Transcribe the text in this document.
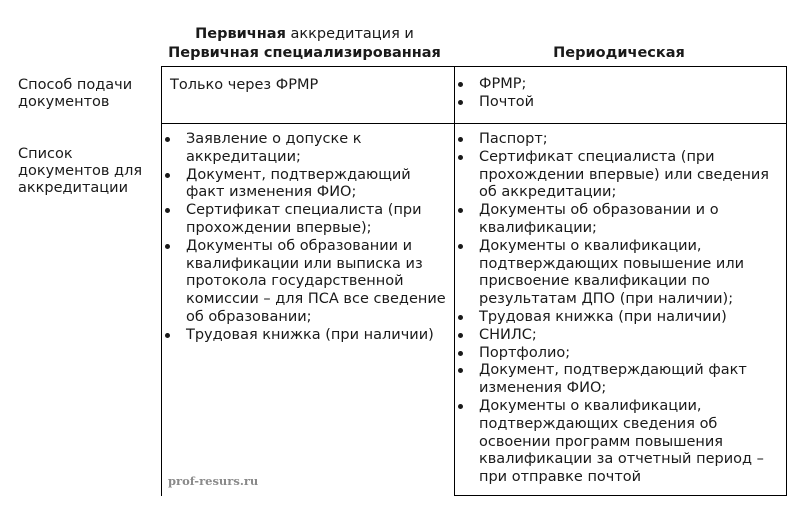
Первичная аккредитация и
Первичная специализированная	Периодическая
Способ подачи документов
Только через ФРМР	ФРМР;
Почтой
Список документов для аккредитации
Заявление о допуске к аккредитации;
Документ, подтверждающий факт изменения ФИО;
Сертификат специалиста (при прохождении впервые);
Документы об образовании и квалификации или выписка из протокола государственной комиссии – для ПСА все сведение об образовании;
Трудовая книжка (при наличии)
Паспорт;
Сертификат специалиста (при прохождении впервые) или сведения об аккредитации;
Документы об образовании и о квалификации;
Документы о квалификации, подтверждающих повышение или присвоение квалификации по результатам ДПО (при наличии);
Трудовая книжка (при наличии)
СНИЛС;
Портфолио;
Документ, подтверждающий факт изменения ФИО;
Документы о квалификации, подтверждающих сведения об освоении программ повышения квалификации за отчетный период – при отправке почтой
prof-resurs.ru
